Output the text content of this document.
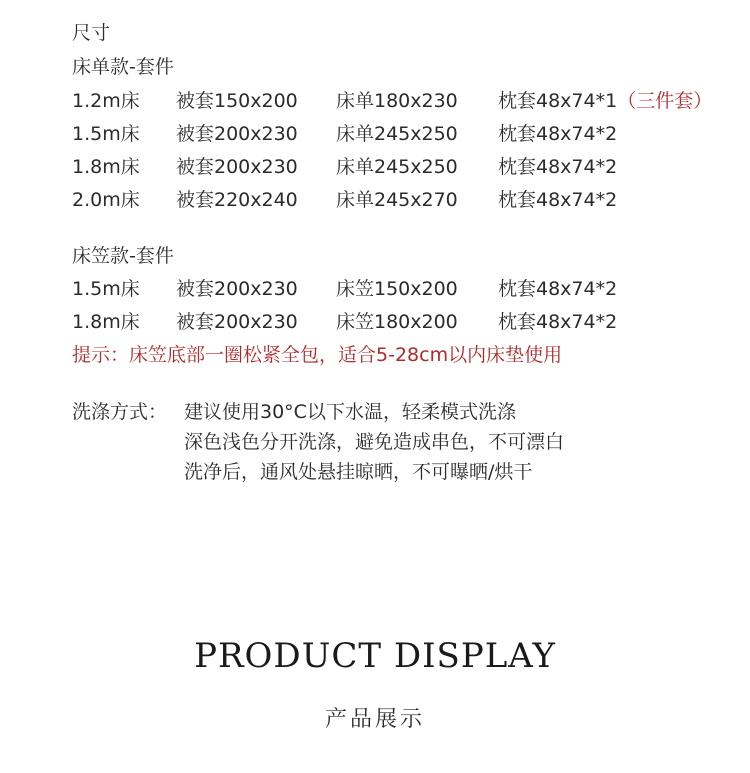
尺寸
床单款-套件
1.2m床 被套150x200 床单180x230 枕套48x74*1（三件套）
1.5m床 被套200x230 床单245x250 枕套48x74*2
1.8m床 被套200x230 床单245x250 枕套48x74*2
2.0m床 被套220x240 床单245x270 枕套48x74*2
床笠款-套件
1.5m床 被套200x230 床笠150x200 枕套48x74*2
1.8m床 被套200x230 床笠180x200 枕套48x74*2
提示：床笠底部一圈松紧全包，适合5-28cm以内床垫使用
洗涤方式： 建议使用30°C以下水温，轻柔模式洗涤
深色浅色分开洗涤，避免造成串色，不可漂白
洗净后，通风处悬挂晾晒，不可曝晒/烘干
PRODUCT DISPLAY
产品展示
